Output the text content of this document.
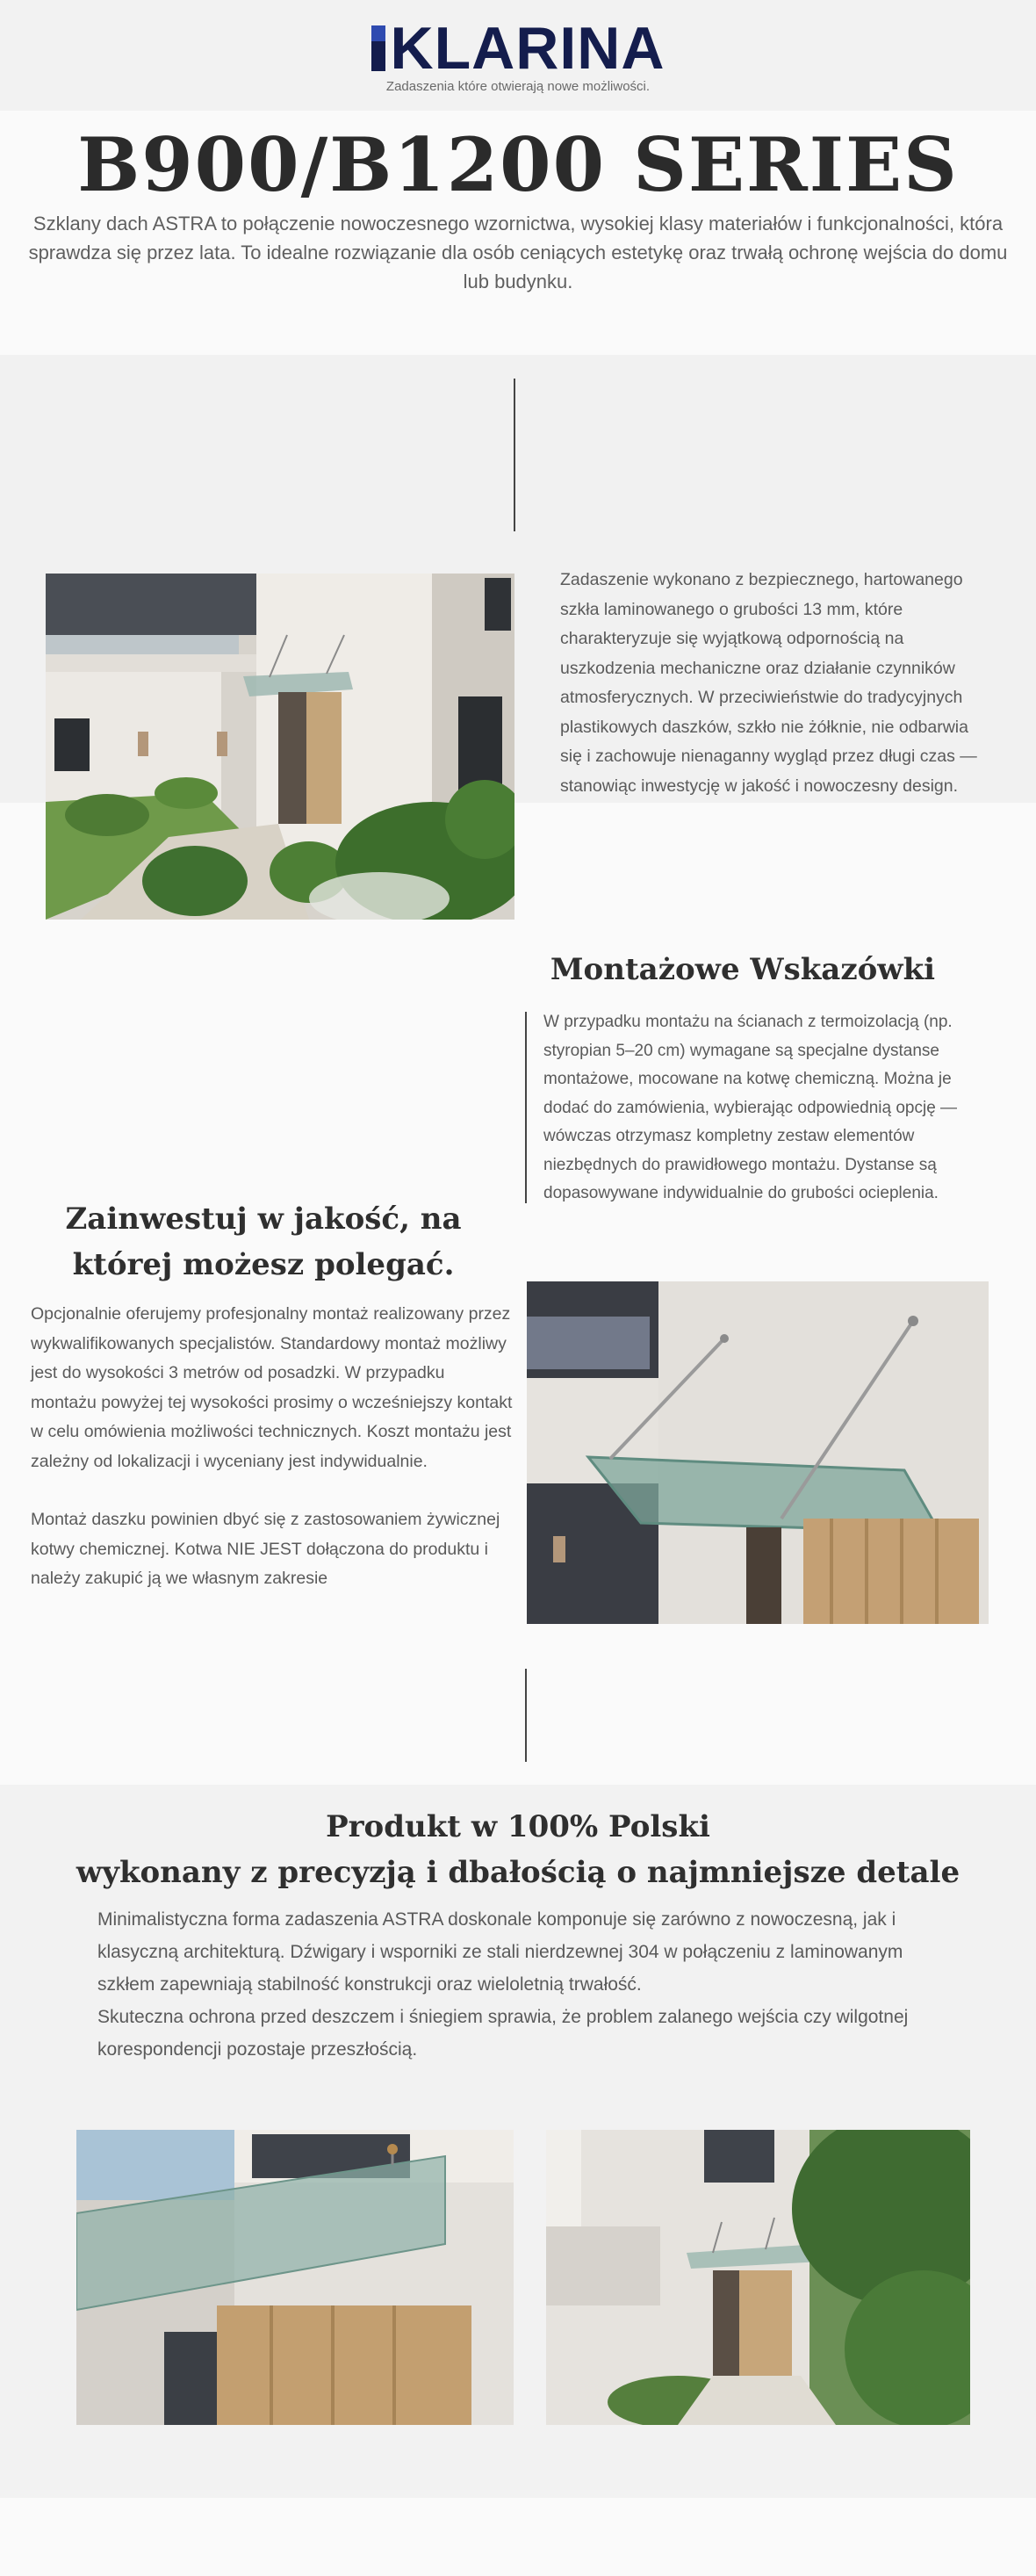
KLARINA
Zadaszenia które otwierają nowe możliwości.
B900/B1200 SERIES

Szklany dach ASTRA to połączenie nowoczesnego wzornictwa, wysokiej klasy materiałów i funkcjonalności, która sprawdza się przez lata. To idealne rozwiązanie dla osób ceniących estetykę oraz trwałą ochronę wejścia do domu lub budynku.

Zadaszenie wykonano z bezpiecznego, hartowanego szkła laminowanego o grubości 13 mm, które charakteryzuje się wyjątkową odpornością na uszkodzenia mechaniczne oraz działanie czynników atmosferycznych. W przeciwieństwie do tradycyjnych plastikowych daszków, szkło nie żółknie, nie odbarwia się i zachowuje nienaganny wygląd przez długi czas — stanowiąc inwestycję w jakość i nowoczesny design.

Montażowe Wskazówki

W przypadku montażu na ścianach z termoizolacją (np. styropian 5–20 cm) wymagane są specjalne dystanse montażowe, mocowane na kotwę chemiczną. Można je dodać do zamówienia, wybierając odpowiednią opcję — wówczas otrzymasz kompletny zestaw elementów niezbędnych do prawidłowego montażu. Dystanse są dopasowywane indywidualnie do grubości ocieplenia.

Zainwestuj w jakość, na
której możesz polegać.

Opcjonalnie oferujemy profesjonalny montaż realizowany przez wykwalifikowanych specjalistów. Standardowy montaż możliwy jest do wysokości 3 metrów od posadzki. W przypadku montażu powyżej tej wysokości prosimy o wcześniejszy kontakt w celu omówienia możliwości technicznych. Koszt montażu jest zależny od lokalizacji i wyceniany jest indywidualnie.

Montaż daszku powinien dbyć się z zastosowaniem żywicznej kotwy chemicznej. Kotwa NIE JEST dołączona do produktu i należy zakupić ją we własnym zakresie

Produkt w 100% Polski
wykonany z precyzją i dbałością o najmniejsze detale

Minimalistyczna forma zadaszenia ASTRA doskonale komponuje się zarówno z nowoczesną, jak i klasyczną architekturą. Dźwigary i wsporniki ze stali nierdzewnej 304 w połączeniu z laminowanym szkłem zapewniają stabilność konstrukcji oraz wieloletnią trwałość.

Skuteczna ochrona przed deszczem i śniegiem sprawia, że problem zalanego wejścia czy wilgotnej korespondencji pozostaje przeszłością.
